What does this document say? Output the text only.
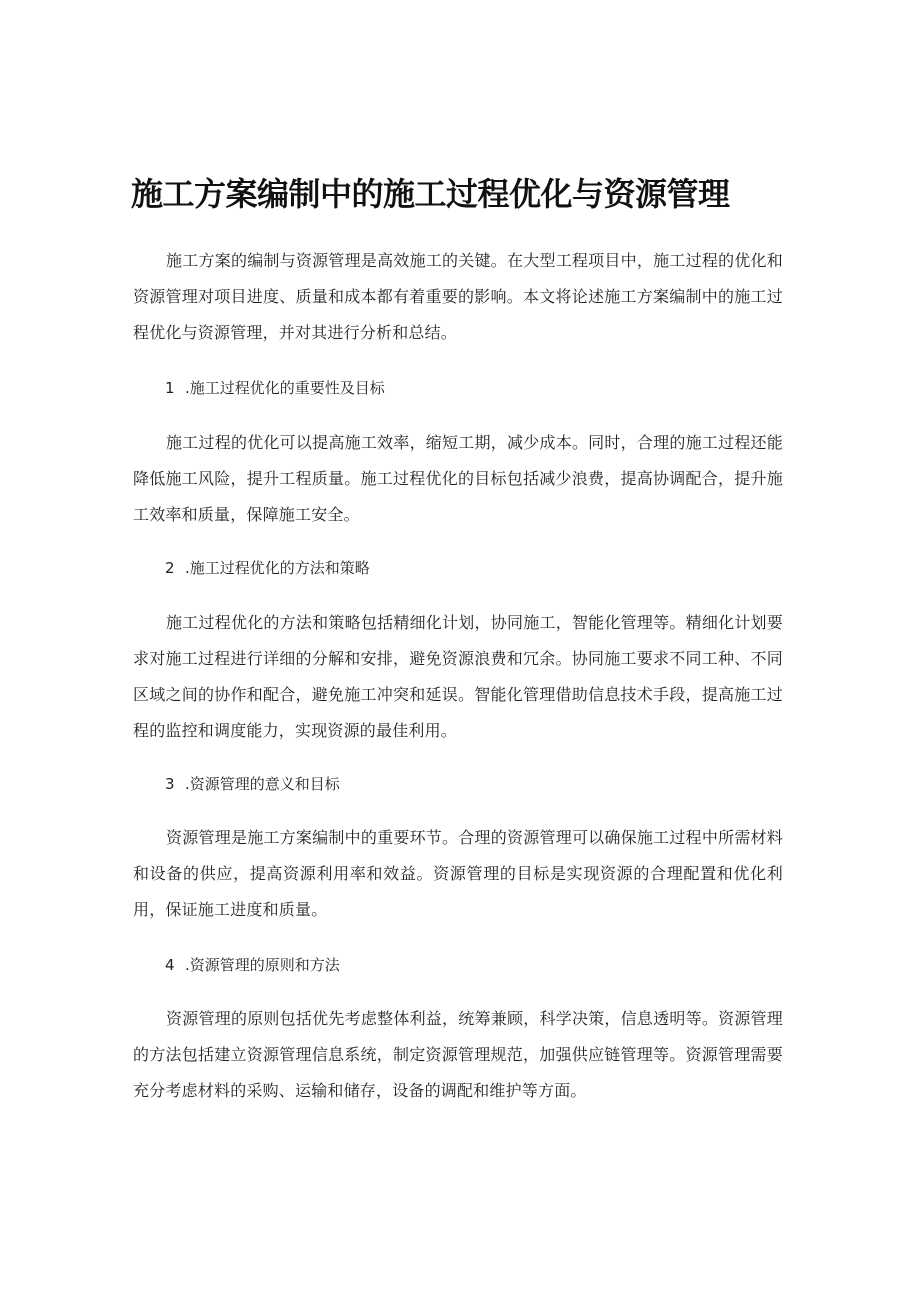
施工方案编制中的施工过程优化与资源管理

施工方案的编制与资源管理是高效施工的关键。在大型工程项目中，施工过程的优化和资源管理对项目进度、质量和成本都有着重要的影响。本文将论述施工方案编制中的施工过程优化与资源管理，并对其进行分析和总结。

1 .施工过程优化的重要性及目标

施工过程的优化可以提高施工效率，缩短工期，减少成本。同时，合理的施工过程还能降低施工风险，提升工程质量。施工过程优化的目标包括减少浪费，提高协调配合，提升施工效率和质量，保障施工安全。

2 .施工过程优化的方法和策略

施工过程优化的方法和策略包括精细化计划，协同施工，智能化管理等。精细化计划要求对施工过程进行详细的分解和安排，避免资源浪费和冗余。协同施工要求不同工种、不同区域之间的协作和配合，避免施工冲突和延误。智能化管理借助信息技术手段，提高施工过程的监控和调度能力，实现资源的最佳利用。

3 .资源管理的意义和目标

资源管理是施工方案编制中的重要环节。合理的资源管理可以确保施工过程中所需材料和设备的供应，提高资源利用率和效益。资源管理的目标是实现资源的合理配置和优化利用，保证施工进度和质量。

4 .资源管理的原则和方法

资源管理的原则包括优先考虑整体利益，统筹兼顾，科学决策，信息透明等。资源管理的方法包括建立资源管理信息系统，制定资源管理规范，加强供应链管理等。资源管理需要充分考虑材料的采购、运输和储存，设备的调配和维护等方面。
